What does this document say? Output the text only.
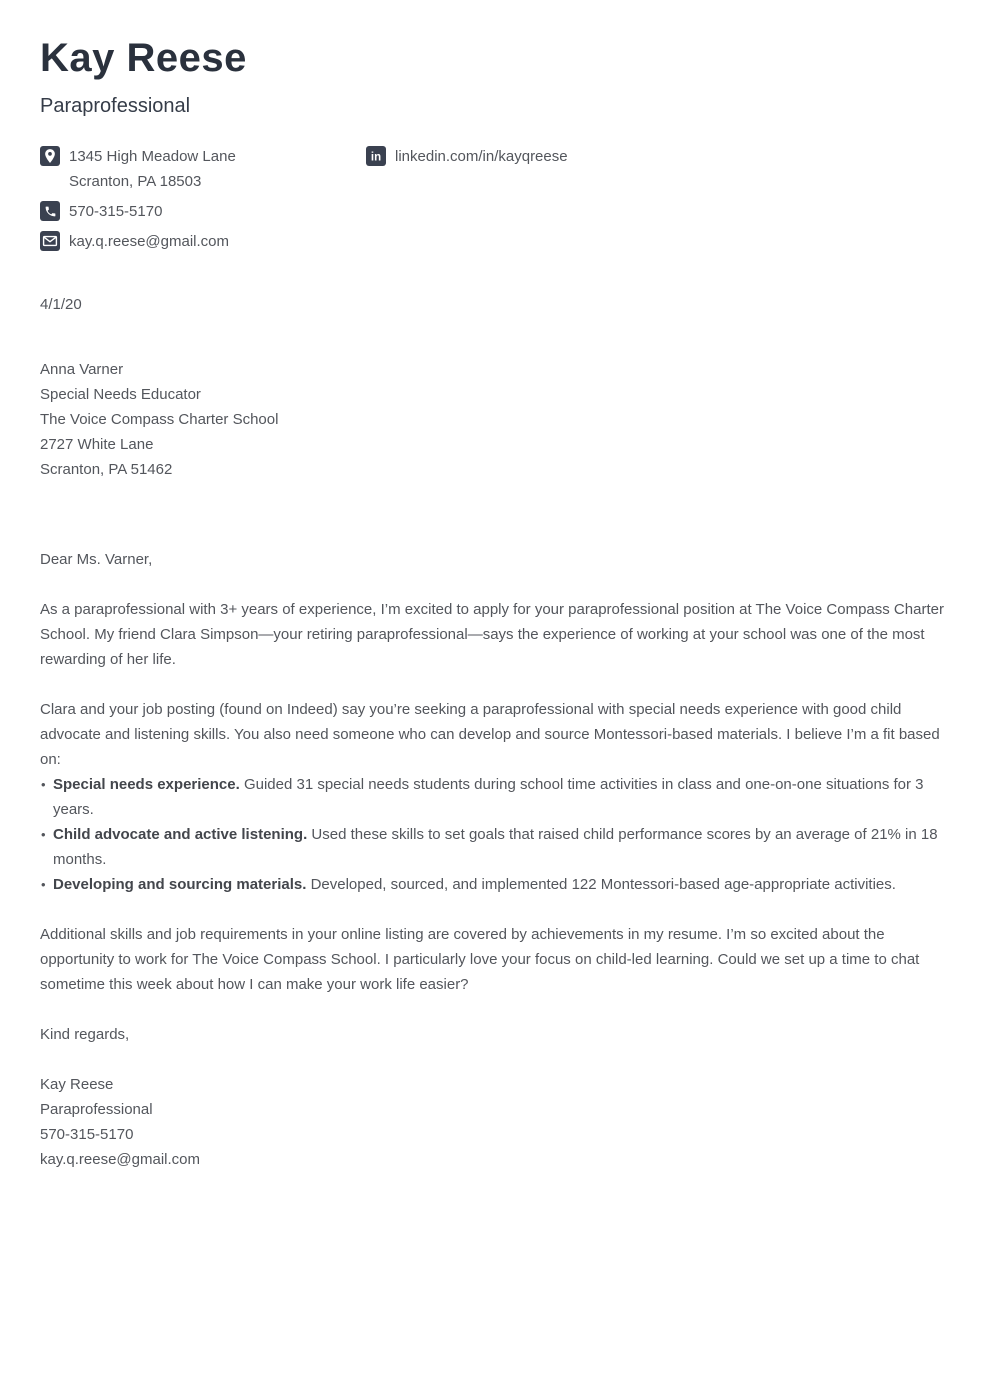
Kay Reese
Paraprofessional
1345 High Meadow Lane
Scranton, PA 18503
570-315-5170
kay.q.reese@gmail.com
in linkedin.com/in/kayqreese
4/1/20
Anna Varner
Special Needs Educator
The Voice Compass Charter School
2727 White Lane
Scranton, PA 51462
Dear Ms. Varner,

As a paraprofessional with 3+ years of experience, I’m excited to apply for your paraprofessional position at The Voice Compass Charter School. My friend Clara Simpson—your retiring paraprofessional—says the experience of working at your school was one of the most rewarding of her life.

Clara and your job posting (found on Indeed) say you’re seeking a paraprofessional with special needs experience with good child advocate and listening skills. You also need someone who can develop and source Montessori-based materials. I believe I’m a fit based on:

• Special needs experience. Guided 31 special needs students during school time activities in class and one-on-one situations for 3 years.
• Child advocate and active listening. Used these skills to set goals that raised child performance scores by an average of 21% in 18 months.
• Developing and sourcing materials. Developed, sourced, and implemented 122 Montessori-based age-appropriate activities.

Additional skills and job requirements in your online listing are covered by achievements in my resume. I’m so excited about the opportunity to work for The Voice Compass School. I particularly love your focus on child-led learning. Could we set up a time to chat sometime this week about how I can make your work life easier?

Kind regards,
Kay Reese
Paraprofessional
570-315-5170
kay.q.reese@gmail.com
